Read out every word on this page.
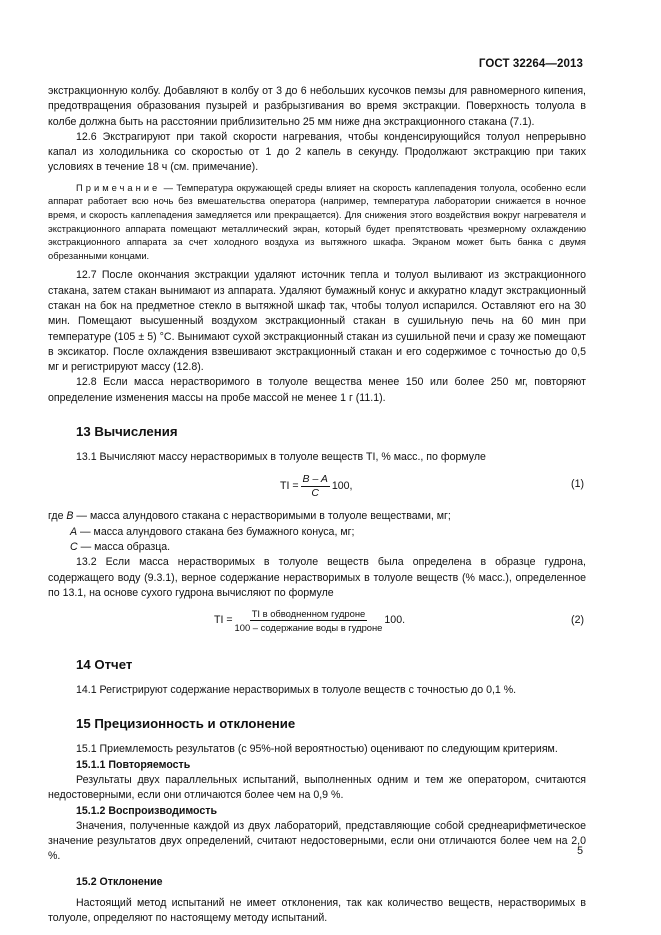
ГОСТ 32264—2013

экстракционную колбу. Добавляют в колбу от 3 до 6 небольших кусочков пемзы для равномерного кипения, предотвращения образования пузырей и разбрызгивания во время экстракции. Поверхность толуола в колбе должна быть на расстоянии приблизительно 25 мм ниже дна экстракционного стакана (7.1).

12.6 Экстрагируют при такой скорости нагревания, чтобы конденсирующийся толуол непрерывно капал из холодильника со скоростью от 1 до 2 капель в секунду. Продолжают экстракцию при таких условиях в течение 18 ч (см. примечание).

Примечание — Температура окружающей среды влияет на скорость каплепадения толуола, особенно если аппарат работает всю ночь без вмешательства оператора (например, температура лаборатории снижается в ночное время, и скорость каплепадения замедляется или прекращается). Для снижения этого воздействия вокруг нагревателя и экстракционного аппарата помещают металлический экран, который будет препятствовать чрезмерному охлаждению экстракционного аппарата за счет холодного воздуха из вытяжного шкафа. Экраном может быть банка с двумя обрезанными концами.

12.7 После окончания экстракции удаляют источник тепла и толуол выливают из экстракционного стакана, затем стакан вынимают из аппарата. Удаляют бумажный конус и аккуратно кладут экстракционный стакан на бок на предметное стекло в вытяжной шкаф так, чтобы толуол испарился. Оставляют его на 30 мин. Помещают высушенный воздухом экстракционный стакан в сушильную печь на 60 мин при температуре (105 ± 5) °С. Вынимают сухой экстракционный стакан из сушильной печи и сразу же помещают в эксикатор. После охлаждения взвешивают экстракционный стакан и его содержимое с точностью до 0,5 мг и регистрируют массу (12.8).

12.8 Если масса нерастворимого в толуоле вещества менее 150 или более 250 мг, повторяют определение изменения массы на пробе массой не менее 1 г (11.1).

13 Вычисления

13.1 Вычисляют массу нерастворимых в толуоле веществ TI, % масс., по формуле

TI = $\frac{B - A}{C} 100$,	(1)
где B — масса алундового стакана с нерастворимыми в толуоле веществами, мг;
A — масса алундового стакана без бумажного конуса, мг;
C — масса образца.

13.2 Если масса нерастворимых в толуоле веществ была определена в образце гудрона, содержащего воду (9.3.1), верное содержание нерастворимых в толуоле веществ (% масс.), определенное по 13.1, на основе сухого гудрона вычисляют по формуле

TI = $\frac{\text{TI в обводненном гудроне}}{\text{100 – содержание воды в гудроне}} 100$.	(2)
14 Отчет

14.1 Регистрируют содержание нерастворимых в толуоле веществ с точностью до 0,1 %.

15 Прецизионность и отклонение

15.1 Приемлемость результатов (с 95%-ной вероятностью) оценивают по следующим критериям.

15.1.1 Повторяемость

Результаты двух параллельных испытаний, выполненных одним и тем же оператором, считаются недостоверными, если они отличаются более чем на 0,9 %.

15.1.2 Воспроизводимость

Значения, полученные каждой из двух лабораторий, представляющие собой среднеарифметическое значение результатов двух определений, считают недостоверными, если они отличаются более чем на 2,0 %.

15.2 Отклонение

Настоящий метод испытаний не имеет отклонения, так как количество веществ, нерастворимых в толуоле, определяют по настоящему методу испытаний.

5
